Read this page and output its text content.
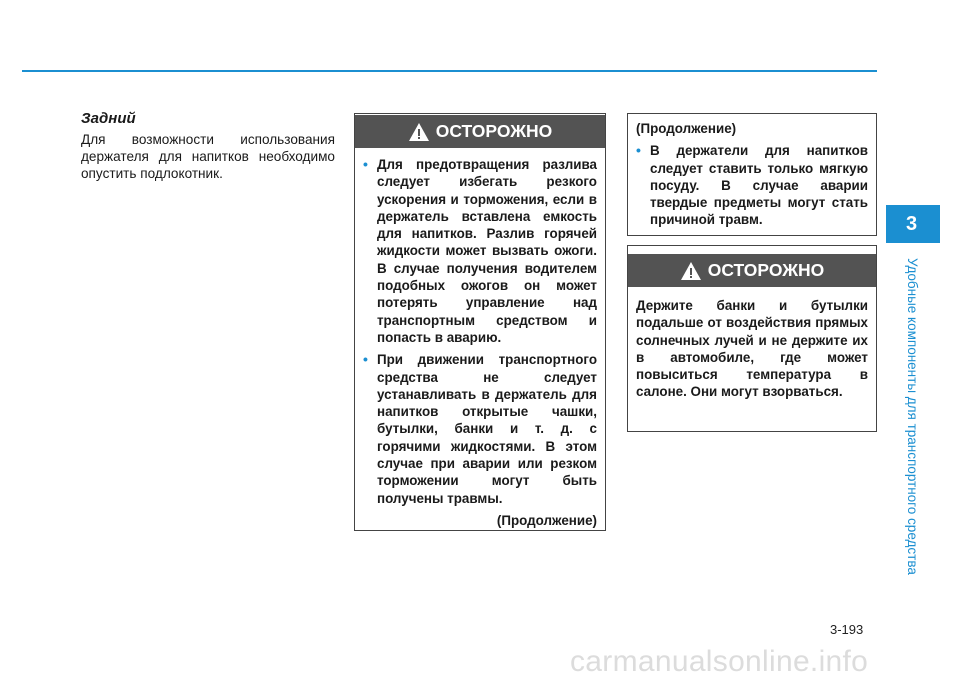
Задний
Для возможности использования держателя для напитков необходимо опустить подлокотник.
ОСТОРОЖНО
• Для предотвращения разлива следует избегать резкого ускорения и торможения, если в держатель вставлена емкость для напитков. Разлив горячей жидкости может вызвать ожоги. В случае получения водителем подобных ожогов он может потерять управление над транспортным средством и попасть в аварию.
• При движении транспортного средства не следует устанавливать в держатель для напитков открытые чашки, бутылки, банки и т. д. с горячими жидкостями. В этом случае при аварии или резком торможении могут быть получены травмы.
(Продолжение)
(Продолжение)
• В держатели для напитков следует ставить только мягкую посуду. В случае аварии твердые предметы могут стать причиной травм.
ОСТОРОЖНО
Держите банки и бутылки подальше от воздействия прямых солнечных лучей и не держите их в автомобиле, где может повыситься температура в салоне. Они могут взорваться.
3
Удобные компоненты для транспортного средства
3-193
carmanualsonline.info
